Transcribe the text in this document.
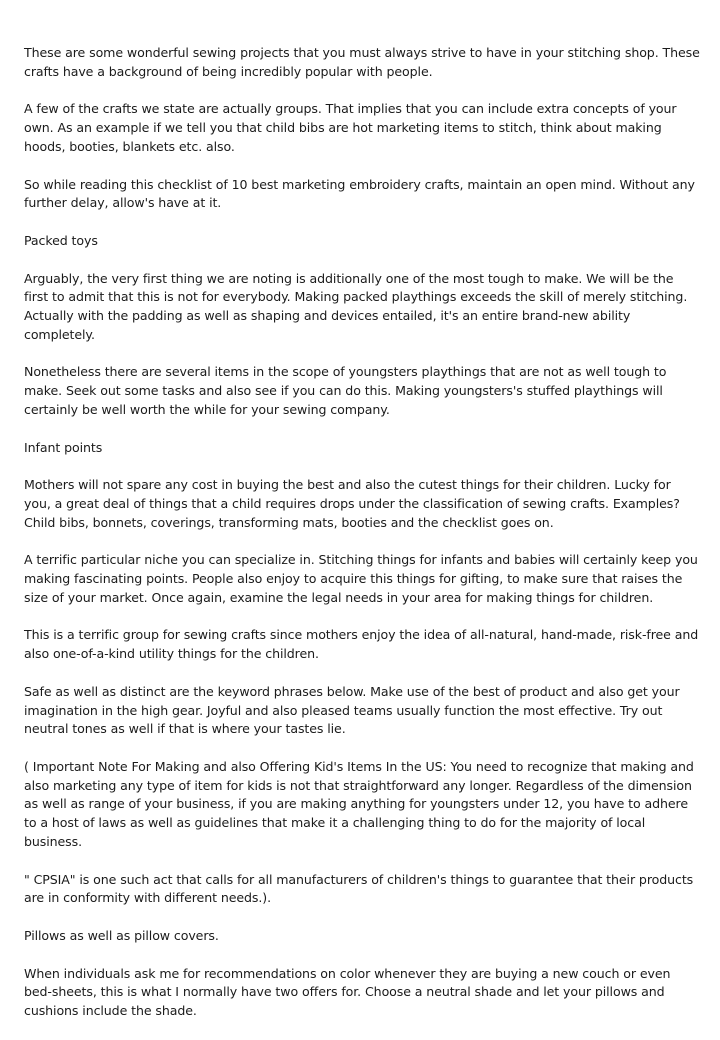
These are some wonderful sewing projects that you must always strive to have in your stitching shop. These crafts have a background of being incredibly popular with people.

A few of the crafts we state are actually groups. That implies that you can include extra concepts of your own. As an example if we tell you that child bibs are hot marketing items to stitch, think about making hoods, booties, blankets etc. also.

So while reading this checklist of 10 best marketing embroidery crafts, maintain an open mind. Without any further delay, allow's have at it.

Packed toys

Arguably, the very first thing we are noting is additionally one of the most tough to make. We will be the first to admit that this is not for everybody. Making packed playthings exceeds the skill of merely stitching. Actually with the padding as well as shaping and devices entailed, it's an entire brand-new ability completely.

Nonetheless there are several items in the scope of youngsters playthings that are not as well tough to make. Seek out some tasks and also see if you can do this. Making youngsters's stuffed playthings will certainly be well worth the while for your sewing company.

Infant points

Mothers will not spare any cost in buying the best and also the cutest things for their children. Lucky for you, a great deal of things that a child requires drops under the classification of sewing crafts. Examples? Child bibs, bonnets, coverings, transforming mats, booties and the checklist goes on.

A terrific particular niche you can specialize in. Stitching things for infants and babies will certainly keep you making fascinating points. People also enjoy to acquire this things for gifting, to make sure that raises the size of your market. Once again, examine the legal needs in your area for making things for children.

This is a terrific group for sewing crafts since mothers enjoy the idea of all-natural, hand-made, risk-free and also one-of-a-kind utility things for the children.

Safe as well as distinct are the keyword phrases below. Make use of the best of product and also get your imagination in the high gear. Joyful and also pleased teams usually function the most effective. Try out neutral tones as well if that is where your tastes lie.

( Important Note For Making and also Offering Kid's Items In the US: You need to recognize that making and also marketing any type of item for kids is not that straightforward any longer. Regardless of the dimension as well as range of your business, if you are making anything for youngsters under 12, you have to adhere to a host of laws as well as guidelines that make it a challenging thing to do for the majority of local business.

" CPSIA" is one such act that calls for all manufacturers of children's things to guarantee that their products are in conformity with different needs.).

Pillows as well as pillow covers.

When individuals ask me for recommendations on color whenever they are buying a new couch or even bed-sheets, this is what I normally have two offers for. Choose a neutral shade and let your pillows and cushions include the shade.
